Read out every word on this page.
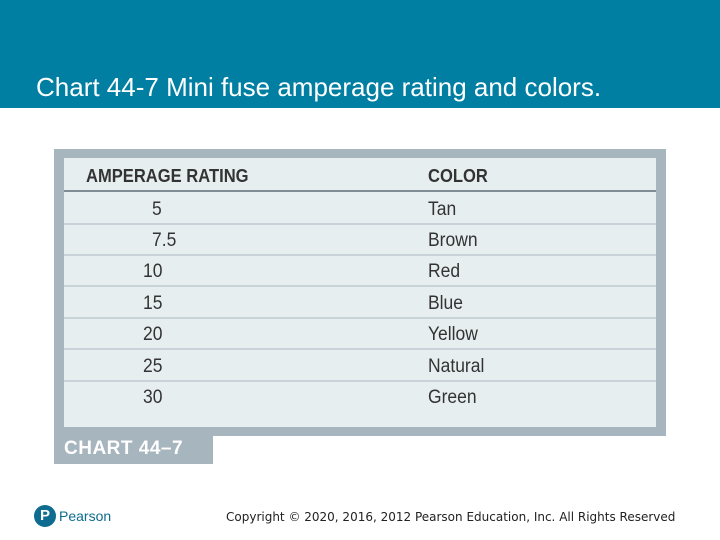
Chart 44-7 Mini fuse amperage rating and colors.
AMPERAGE RATING	COLOR
5	Tan
7.5	Brown
10	Red
15	Blue
20	Yellow
25	Natural
30	Green
CHART 44–7
P Pearson	Copyright © 2020, 2016, 2012 Pearson Education, Inc. All Rights Reserved
